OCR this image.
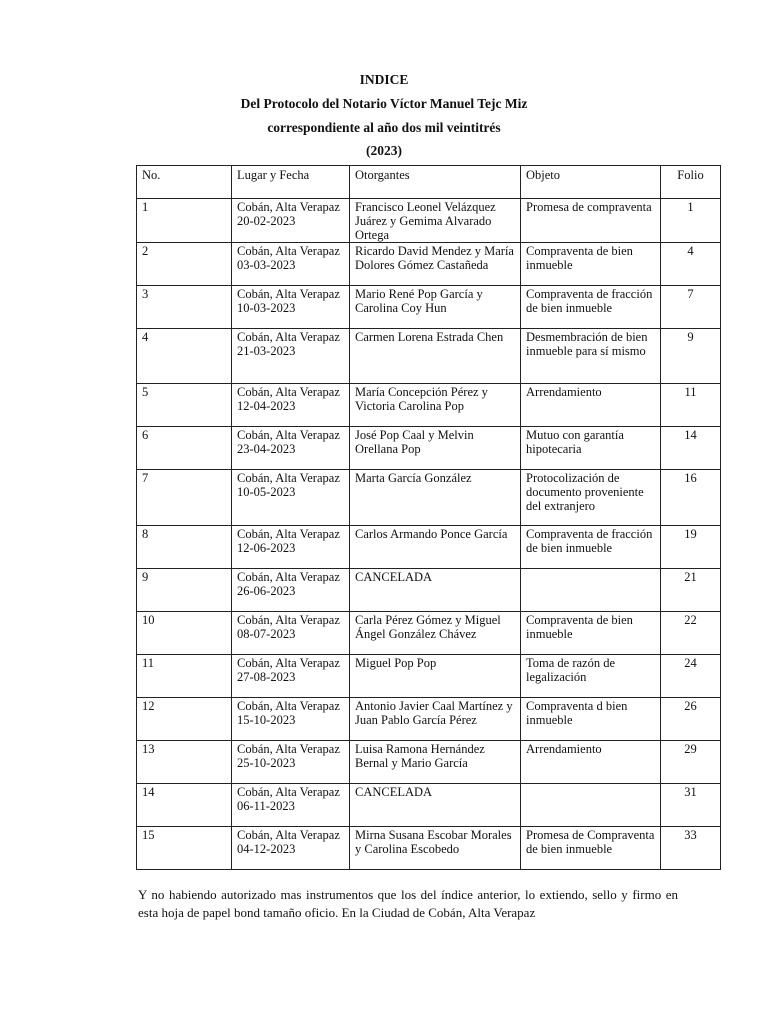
INDICE
Del Protocolo del Notario Víctor Manuel Tejc Miz
correspondiente al año dos mil veintitrés
(2023)
No.	Lugar y Fecha	Otorgantes	Objeto	Folio
1	Cobán, Alta Verapaz 20-02-2023	Francisco Leonel Velázquez Juárez y Gemima Alvarado Ortega	Promesa de compraventa	1
2	Cobán, Alta Verapaz 03-03-2023	Ricardo David Mendez y María Dolores Gómez Castañeda	Compraventa de bien inmueble	4
3	Cobán, Alta Verapaz 10-03-2023	Mario René Pop García y Carolina Coy Hun	Compraventa de fracción de bien inmueble	7
4	Cobán, Alta Verapaz 21-03-2023	Carmen Lorena Estrada Chen	Desmembración de bien inmueble para sí mismo	9
5	Cobán, Alta Verapaz 12-04-2023	María Concepción Pérez y Victoria Carolina Pop	Arrendamiento	11
6	Cobán, Alta Verapaz 23-04-2023	José Pop Caal y Melvin Orellana Pop	Mutuo con garantía hipotecaria	14
7	Cobán, Alta Verapaz 10-05-2023	Marta García González	Protocolización de documento proveniente del extranjero	16
8	Cobán, Alta Verapaz 12-06-2023	Carlos Armando Ponce García	Compraventa de fracción de bien inmueble	19
9	Cobán, Alta Verapaz 26-06-2023	CANCELADA		21
10	Cobán, Alta Verapaz 08-07-2023	Carla Pérez Gómez y Miguel Ángel González Chávez	Compraventa de bien inmueble	22
11	Cobán, Alta Verapaz 27-08-2023	Miguel Pop Pop	Toma de razón de legalización	24
12	Cobán, Alta Verapaz 15-10-2023	Antonio Javier Caal Martínez y Juan Pablo García Pérez	Compraventa d bien inmueble	26
13	Cobán, Alta Verapaz 25-10-2023	Luisa Ramona Hernández Bernal y Mario García	Arrendamiento	29
14	Cobán, Alta Verapaz 06-11-2023	CANCELADA		31
15	Cobán, Alta Verapaz 04-12-2023	Mirna Susana Escobar Morales y Carolina Escobedo	Promesa de Compraventa de bien inmueble	33
Y no habiendo autorizado mas instrumentos que los del índice anterior, lo extiendo, sello y firmo en esta hoja de papel bond tamaño oficio. En la Ciudad de Cobán, Alta Verapaz
